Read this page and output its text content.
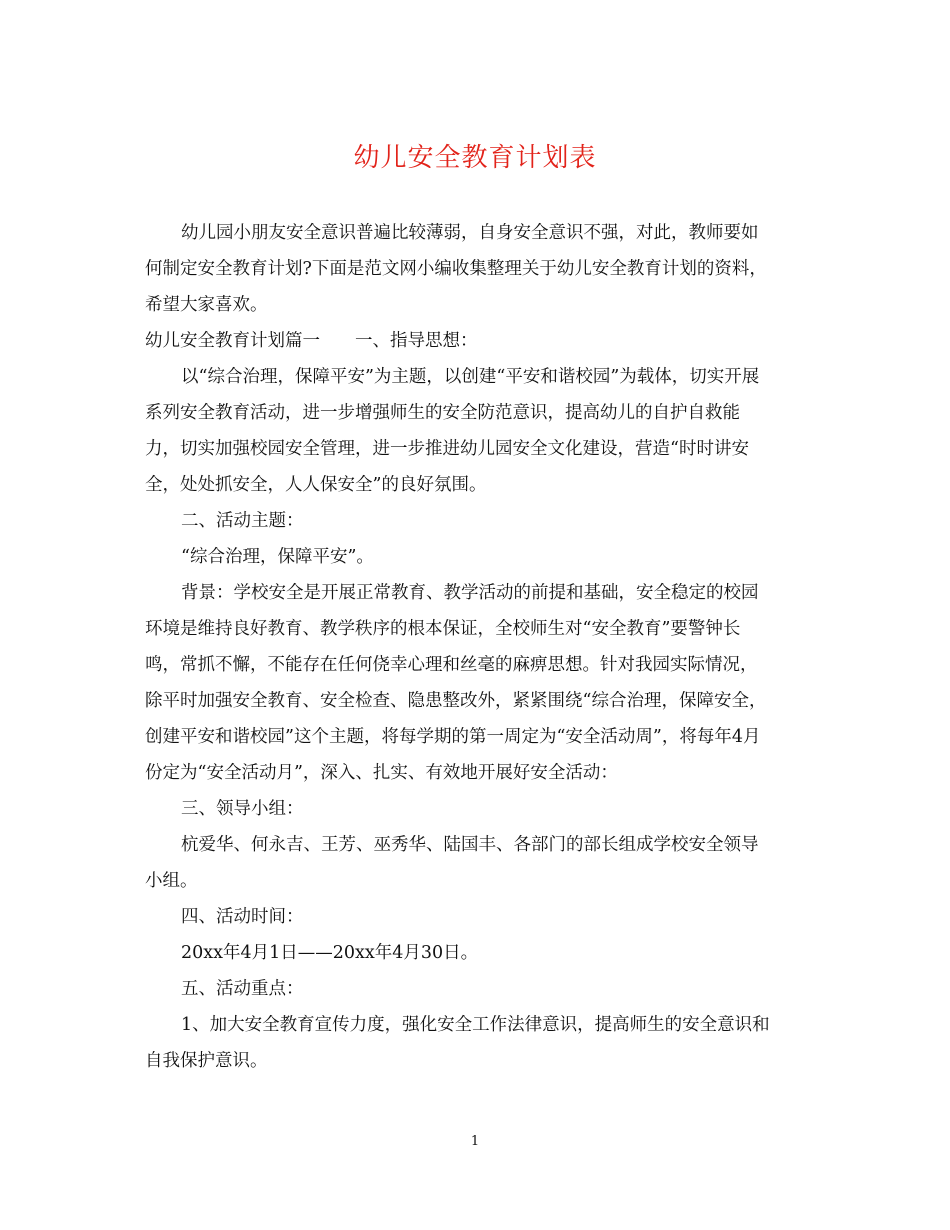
幼儿安全教育计划表
幼儿园小朋友安全意识普遍比较薄弱，自身安全意识不强，对此，教师要如
何制定安全教育计划?下面是范文网小编收集整理关于幼儿安全教育计划的资料，
希望大家喜欢。
幼儿安全教育计划篇一　　一、指导思想：
以“综合治理，保障平安”为主题，以创建“平安和谐校园”为载体，切实开展
系列安全教育活动，进一步增强师生的安全防范意识，提高幼儿的自护自救能
力，切实加强校园安全管理，进一步推进幼儿园安全文化建设，营造“时时讲安
全，处处抓安全，人人保安全”的良好氛围。
二、活动主题：
“综合治理，保障平安”。
背景：学校安全是开展正常教育、教学活动的前提和基础，安全稳定的校园
环境是维持良好教育、教学秩序的根本保证，全校师生对“安全教育”要警钟长
鸣，常抓不懈，不能存在任何侥幸心理和丝毫的麻痹思想。针对我园实际情况，
除平时加强安全教育、安全检查、隐患整改外，紧紧围绕“综合治理，保障安全，
创建平安和谐校园”这个主题，将每学期的第一周定为“安全活动周”，将每年4月
份定为“安全活动月”，深入、扎实、有效地开展好安全活动：
三、领导小组：
杭爱华、何永吉、王芳、巫秀华、陆国丰、各部门的部长组成学校安全领导
小组。
四、活动时间：
20xx年4月1日——20xx年4月30日。
五、活动重点：
1、加大安全教育宣传力度，强化安全工作法律意识，提高师生的安全意识和
自我保护意识。
1
